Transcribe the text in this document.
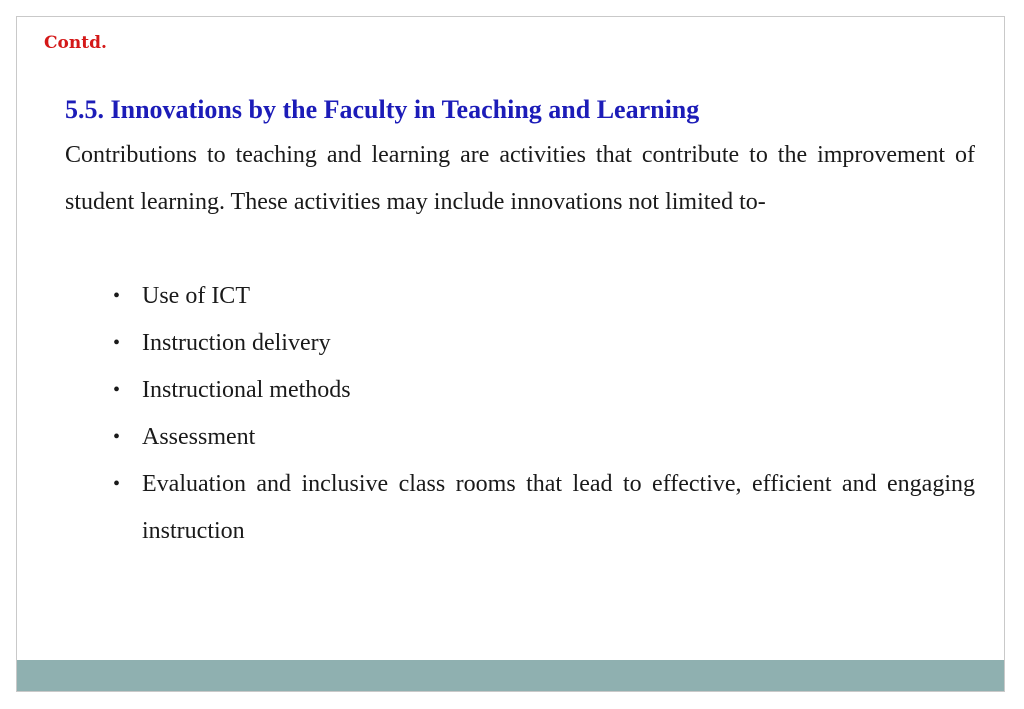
Contd.
5.5. Innovations by the Faculty in Teaching and Learning
Contributions to teaching and learning are activities that contribute to the improvement of student learning. These activities may include innovations not limited to-
• Use of ICT
• Instruction delivery
• Instructional methods
• Assessment
• Evaluation and inclusive class rooms that lead to effective, efficient and engaging instruction
